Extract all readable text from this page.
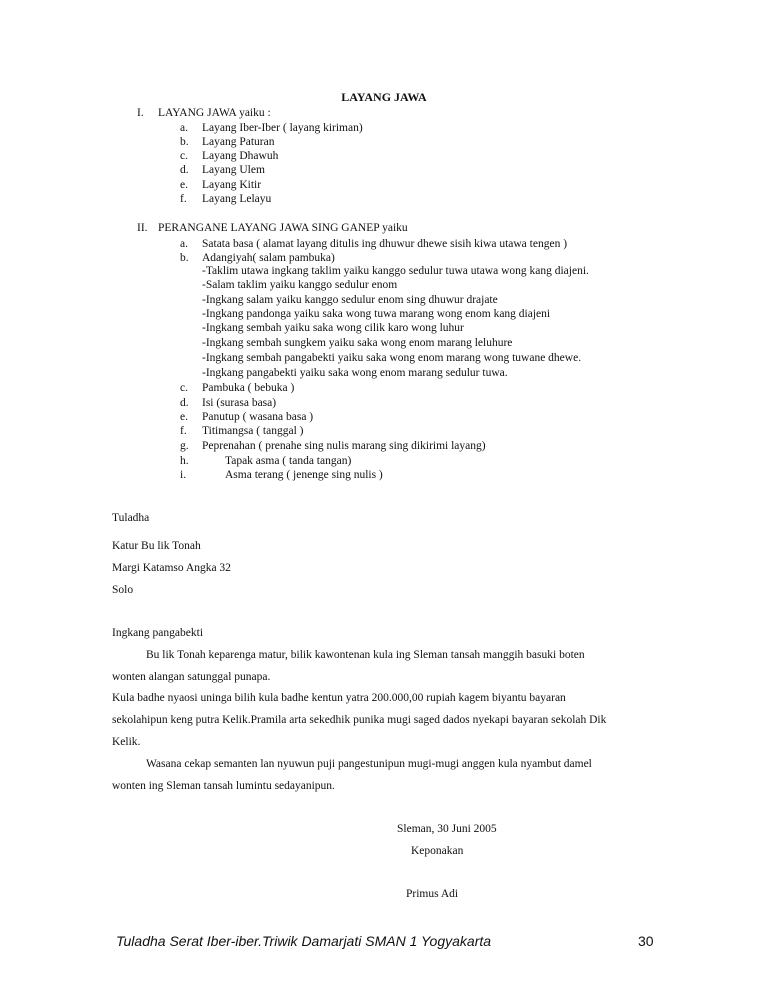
LAYANG JAWA
I. LAYANG JAWA yaiku :
a.	Layang Iber-Iber ( layang kiriman)
b.	Layang Paturan
c.	Layang Dhawuh
d.	Layang Ulem
e.	Layang Kitir
f.	Layang Lelayu
II. PERANGANE LAYANG JAWA SING GANEP yaiku
a.	Satata basa ( alamat layang ditulis ing dhuwur dhewe sisih kiwa utawa tengen )
b.	Adangiyah( salam pambuka)
-Taklim utawa ingkang taklim yaiku kanggo sedulur tuwa utawa wong kang diajeni.
-Salam taklim yaiku kanggo sedulur enom
-Ingkang salam yaiku kanggo sedulur enom sing dhuwur drajate
-Ingkang pandonga yaiku saka wong tuwa marang wong enom kang diajeni
-Ingkang sembah yaiku saka wong cilik karo wong luhur
-Ingkang sembah sungkem yaiku saka wong enom marang leluhure
-Ingkang sembah pangabekti yaiku saka wong enom marang wong tuwane dhewe.
-Ingkang pangabekti yaiku saka wong enom marang sedulur tuwa.
c.	Pambuka ( bebuka )
d.	Isi (surasa basa)
e.	Panutup ( wasana basa )
f.	Titimangsa ( tanggal )
g.	Peprenahan ( prenahe sing nulis marang sing dikirimi layang)
h.	Tapak asma ( tanda tangan)
i.	Asma terang ( jenenge sing nulis )
Tuladha
Katur Bu lik Tonah
Margi Katamso Angka 32
Solo
Ingkang pangabekti
Bu lik Tonah keparenga matur, bilik kawontenan kula ing Sleman tansah manggih basuki boten
wonten alangan satunggal punapa.
Kula badhe nyaosi uninga bilih kula badhe kentun yatra 200.000,00 rupiah kagem biyantu bayaran
sekolahipun keng putra Kelik.Pramila arta sekedhik punika mugi saged dados nyekapi bayaran sekolah Dik
Kelik.
Wasana cekap semanten lan nyuwun puji pangestunipun mugi-mugi anggen kula nyambut damel
wonten ing Sleman tansah lumintu sedayanipun.
Sleman, 30 Juni 2005
Keponakan
Primus Adi
Tuladha Serat Iber-iber.Triwik Damarjati SMAN 1 Yogyakarta	30
